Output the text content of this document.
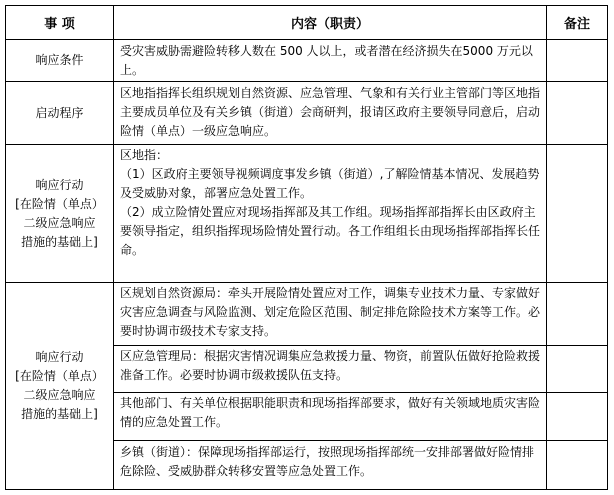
事 项	内容（职责）	备注
响应条件

受灾害威胁需避险转移人数在 500 人以上，或者潜在经济损失在5000 万元以上。

启动程序

区地指指挥长组织规划自然资源、应急管理、气象和有关行业主管部门等区地指主要成员单位及有关乡镇（街道）会商研判，报请区政府主要领导同意后，启动险情（单点）一级应急响应。

响应行动
[在险情（单点）
二级应急响应
措施的基础上]

区地指：

（1）区政府主要领导视频调度事发乡镇（街道）,了解险情基本情况、发展趋势及受威胁对象，部署应急处置工作。

（2）成立险情处置应对现场指挥部及其工作组。现场指挥部指挥长由区政府主要领导指定，组织指挥现场险情处置行动。各工作组组长由现场指挥部指挥长任命。

响应行动
[在险情（单点）
二级应急响应
措施的基础上]

区规划自然资源局：牵头开展险情处置应对工作，调集专业技术力量、专家做好灾害应急调查与风险监测、划定危险区范围、制定排危除险技术方案等工作。必要时协调市级技术专家支持。

区应急管理局：根据灾害情况调集应急救援力量、物资，前置队伍做好抢险救援准备工作。必要时协调市级救援队伍支持。

其他部门、有关单位根据职能职责和现场指挥部要求，做好有关领域地质灾害险情的应急处置工作。

乡镇（街道）：保障现场指挥部运行，按照现场指挥部统一安排部署做好险情排危除险、受威胁群众转移安置等应急处置工作。
